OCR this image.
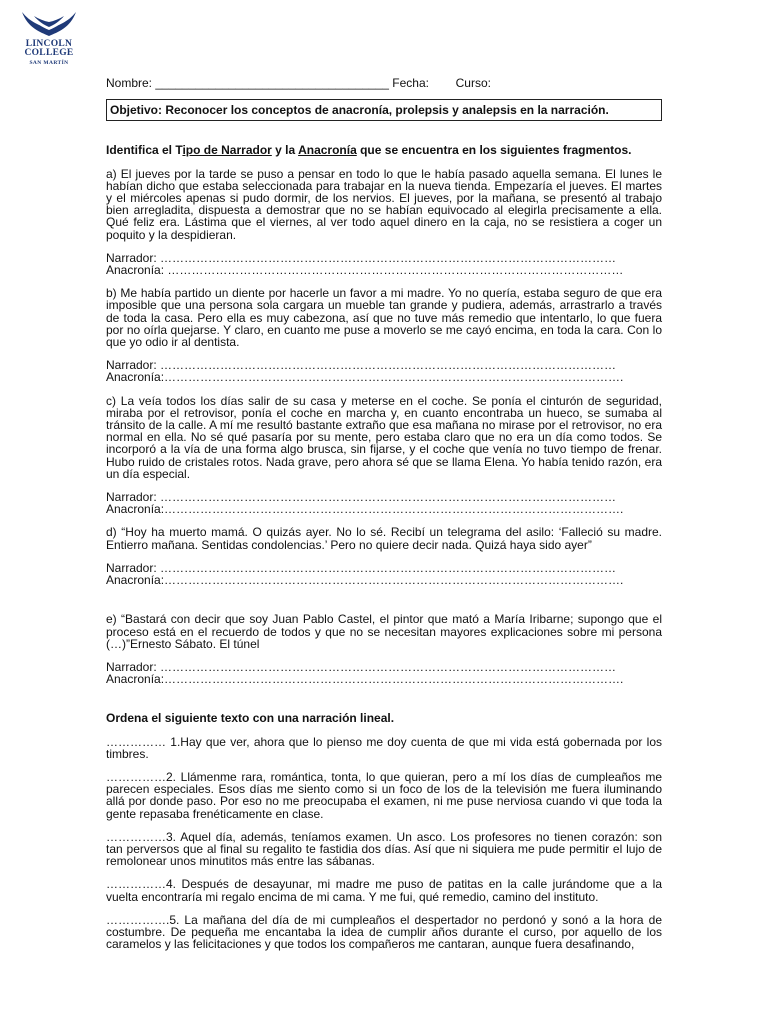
LINCOLN
COLLEGE
SAN MARTÍN
Nombre: ___________________________________ Fecha: Curso:
Objetivo: Reconocer los conceptos de anacronía, prolepsis y analepsis en la narración.
Identifica el Tipo de Narrador y la Anacronía que se encuentra en los siguientes fragmentos.
a) El jueves por la tarde se puso a pensar en todo lo que le había pasado aquella semana. El lunes le habían dicho que estaba seleccionada para trabajar en la nueva tienda. Empezaría el jueves. El martes y el miércoles apenas si pudo dormir, de los nervios. El jueves, por la mañana, se presentó al trabajo bien arregladita, dispuesta a demostrar que no se habían equivocado al elegirla precisamente a ella. Qué feliz era. Lástima que el viernes, al ver todo aquel dinero en la caja, no se resistiera a coger un poquito y la despidieran.
Narrador: ……………………………………………………………………………………………………
Anacronía: ……………………………………………………………………………………………………
b) Me había partido un diente por hacerle un favor a mi madre. Yo no quería, estaba seguro de que era imposible que una persona sola cargara un mueble tan grande y pudiera, además, arrastrarlo a través de toda la casa. Pero ella es muy cabezona, así que no tuve más remedio que intentarlo, lo que fuera por no oírla quejarse. Y claro, en cuanto me puse a moverlo se me cayó encima, en toda la cara. Con lo que yo odio ir al dentista.
Narrador: ……………………………………………………………………………………………………
Anacronía:…………………………………………………………………………………………………….
c) La veía todos los días salir de su casa y meterse en el coche. Se ponía el cinturón de seguridad, miraba por el retrovisor, ponía el coche en marcha y, en cuanto encontraba un hueco, se sumaba al tránsito de la calle. A mí me resultó bastante extraño que esa mañana no mirase por el retrovisor, no era normal en ella. No sé qué pasaría por su mente, pero estaba claro que no era un día como todos. Se incorporó a la vía de una forma algo brusca, sin fijarse, y el coche que venía no tuvo tiempo de frenar. Hubo ruido de cristales rotos. Nada grave, pero ahora sé que se llama Elena. Yo había tenido razón, era un día especial.
Narrador: ……………………………………………………………………………………………………
Anacronía:…………………………………………………………………………………………………….
d) “Hoy ha muerto mamá. O quizás ayer. No lo sé. Recibí un telegrama del asilo: ‘Falleció su madre. Entierro mañana. Sentidas condolencias.’ Pero no quiere decir nada. Quizá haya sido ayer”
Narrador: ……………………………………………………………………………………………………
Anacronía:…………………………………………………………………………………………………….
e) “Bastará con decir que soy Juan Pablo Castel, el pintor que mató a María Iribarne; supongo que el proceso está en el recuerdo de todos y que no se necesitan mayores explicaciones sobre mi persona (…)”Ernesto Sábato. El túnel
Narrador: ……………………………………………………………………………………………………
Anacronía:…………………………………………………………………………………………………….
Ordena el siguiente texto con una narración lineal.
…………… 1.Hay que ver, ahora que lo pienso me doy cuenta de que mi vida está gobernada por los timbres.
……………2. Llámenme rara, romántica, tonta, lo que quieran, pero a mí los días de cumpleaños me parecen especiales. Esos días me siento como si un foco de los de la televisión me fuera iluminando allá por donde paso. Por eso no me preocupaba el examen, ni me puse nerviosa cuando vi que toda la gente repasaba frenéticamente en clase.
……………3. Aquel día, además, teníamos examen. Un asco. Los profesores no tienen corazón: son tan perversos que al final su regalito te fastidia dos días. Así que ni siquiera me pude permitir el lujo de remolonear unos minutitos más entre las sábanas.
……………4. Después de desayunar, mi madre me puso de patitas en la calle jurándome que a la vuelta encontraría mi regalo encima de mi cama. Y me fui, qué remedio, camino del instituto.
…………….5. La mañana del día de mi cumpleaños el despertador no perdonó y sonó a la hora de costumbre. De pequeña me encantaba la idea de cumplir años durante el curso, por aquello de los caramelos y las felicitaciones y que todos los compañeros me cantaran, aunque fuera desafinando,
